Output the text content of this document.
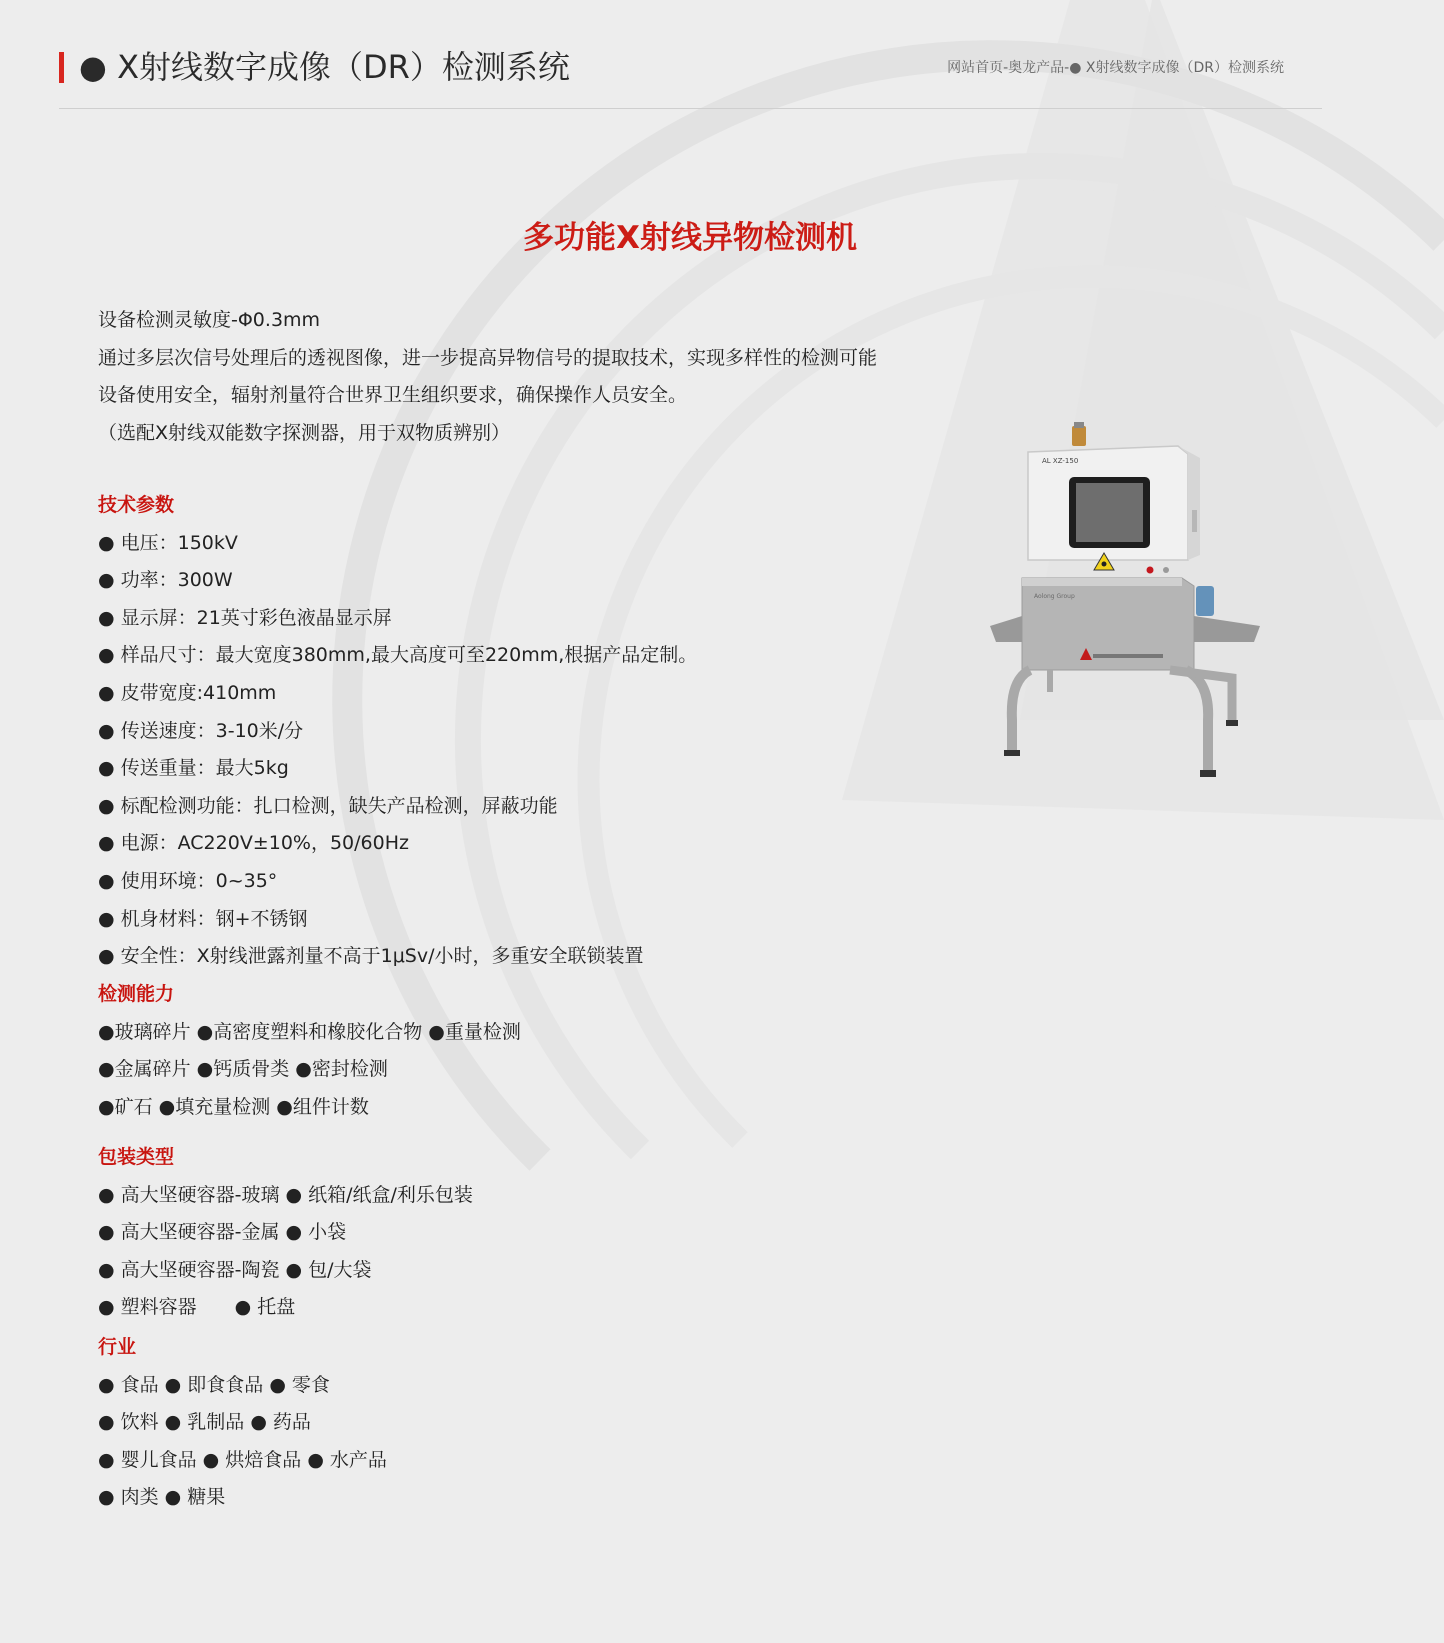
● X射线数字成像（DR）检测系统	网站首页-奥龙产品-● X射线数字成像（DR）检测系统
多功能X射线异物检测机

设备检测灵敏度-Φ0.3mm

通过多层次信号处理后的透视图像，进一步提高异物信号的提取技术，实现多样性的检测可能

设备使用安全，辐射剂量符合世界卫生组织要求，确保操作人员安全。

（选配X射线双能数字探测器，用于双物质辨别）

技术参数

● 电压：150kV

● 功率：300W

● 显示屏：21英寸彩色液晶显示屏

● 样品尺寸：最大宽度380mm,最大高度可至220mm,根据产品定制。

● 皮带宽度:410mm

● 传送速度：3-10米/分

● 传送重量：最大5kg

● 标配检测功能：扎口检测，缺失产品检测，屏蔽功能

● 电源：AC220V±10%，50/60Hz

● 使用环境：0~35°

● 机身材料：钢+不锈钢

● 安全性：X射线泄露剂量不高于1μSv/小时，多重安全联锁装置

检测能力

●玻璃碎片 ●高密度塑料和橡胶化合物 ●重量检测

●金属碎片 ●钙质骨类 ●密封检测

●矿石 ●填充量检测 ●组件计数

包装类型

● 高大坚硬容器-玻璃 ● 纸箱/纸盒/利乐包装

● 高大坚硬容器-金属 ● 小袋

● 高大坚硬容器-陶瓷 ● 包/大袋

● 塑料容器　　● 托盘

行业

● 食品 ● 即食食品 ● 零食

● 饮料 ● 乳制品 ● 药品

● 婴儿食品 ● 烘焙食品 ● 水产品

● 肉类 ● 糖果

AL XZ-150
Aolong Group
